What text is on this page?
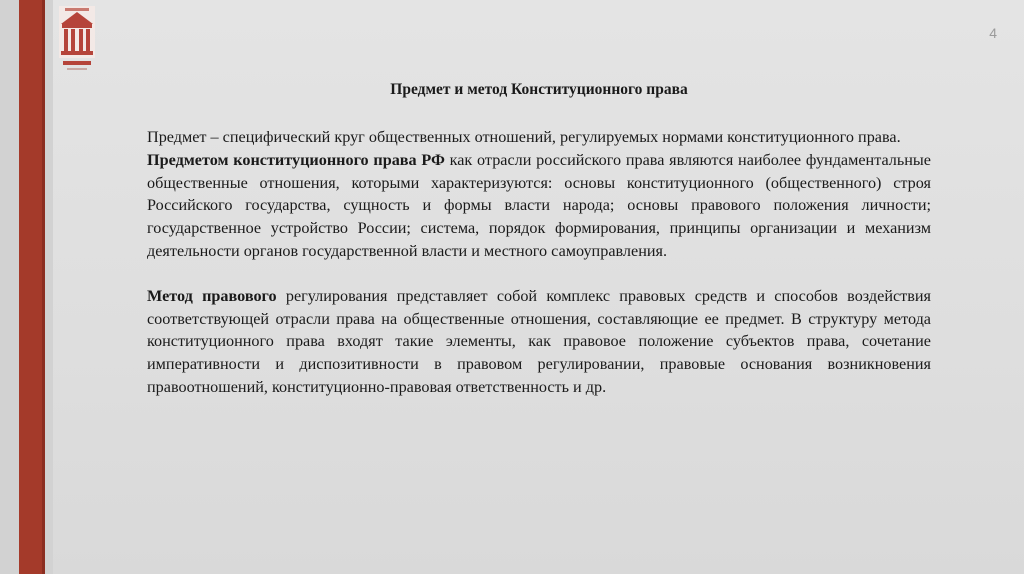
4
Предмет и метод Конституционного права

Предмет – специфический круг общественных отношений, регулируемых нормами конституционного права.

Предметом конституционного права РФ как отрасли российского права являются наиболее фундаментальные общественные отношения, которыми характеризуются: основы конституционного (общественного) строя Российского государства, сущность и формы власти народа; основы правового положения личности; государственное устройство России; система, порядок формирования, принципы организации и механизм деятельности органов государственной власти и местного самоуправления.

Метод правового регулирования представляет собой комплекс правовых средств и способов воздействия соответствующей отрасли права на общественные отношения, составляющие ее предмет. В структуру метода конституционного права входят такие элементы, как правовое положение субъектов права, сочетание императивности и диспозитивности в правовом регулировании, правовые основания возникновения правоотношений, конституционно-правовая ответственность и др.
